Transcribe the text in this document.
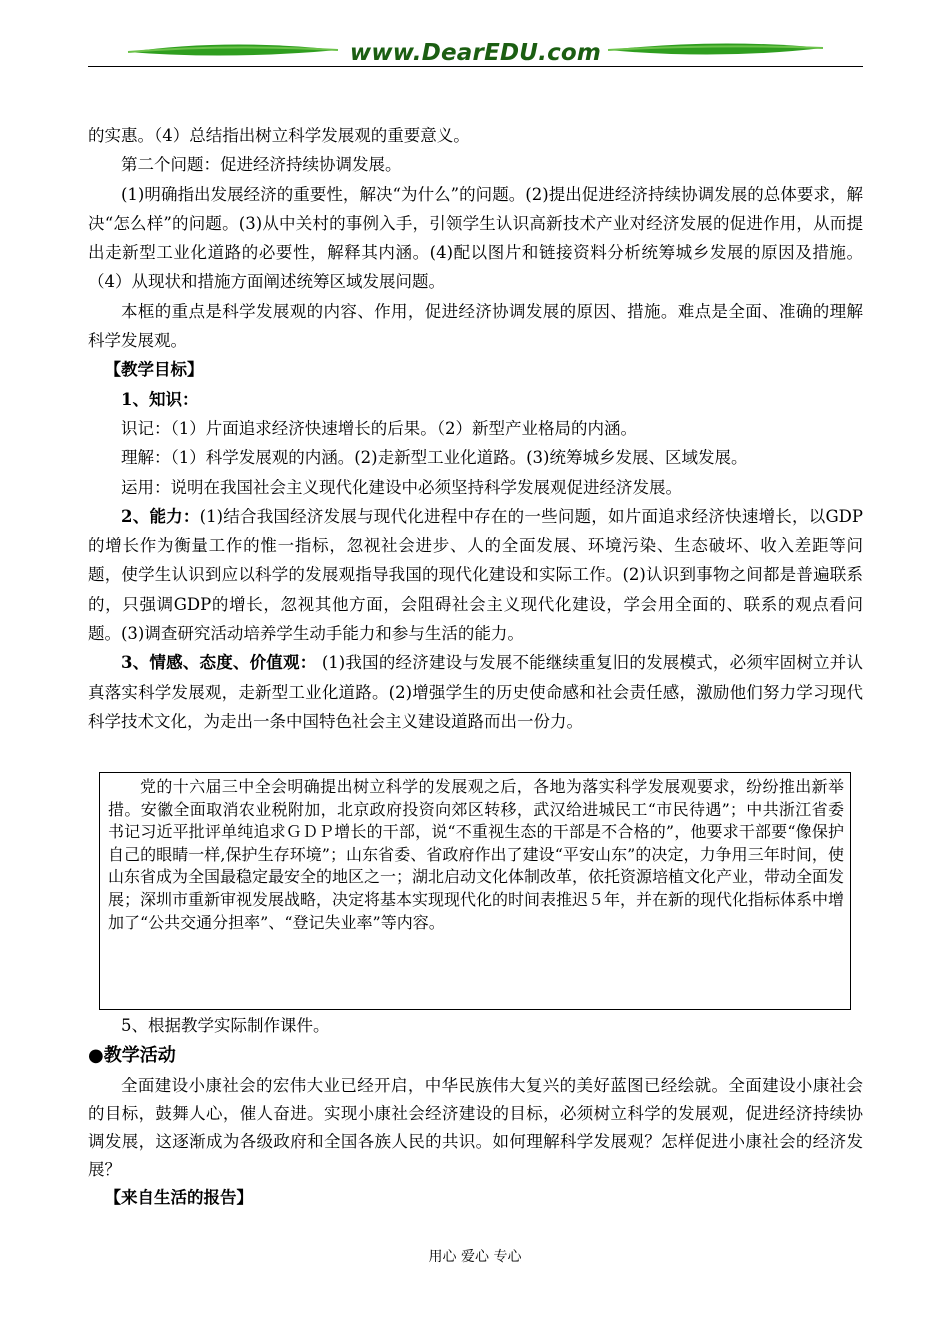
www.DearEDU.com

的实惠。（4）总结指出树立科学发展观的重要意义。

第二个问题：促进经济持续协调发展。

(1)明确指出发展经济的重要性，解决“为什么”的问题。(2)提出促进经济持续协调发展的总体要求，解决“怎么样”的问题。(3)从中关村的事例入手，引领学生认识高新技术产业对经济发展的促进作用，从而提出走新型工业化道路的必要性，解释其内涵。(4)配以图片和链接资料分析统筹城乡发展的原因及措施。（4）从现状和措施方面阐述统筹区域发展问题。

本框的重点是科学发展观的内容、作用，促进经济协调发展的原因、措施。难点是全面、准确的理解科学发展观。

【教学目标】

1、知识：

识记：（1）片面追求经济快速增长的后果。（2）新型产业格局的内涵。

理解：（1）科学发展观的内涵。(2)走新型工业化道路。(3)统筹城乡发展、区域发展。

运用：说明在我国社会主义现代化建设中必须坚持科学发展观促进经济发展。

2、能力：(1)结合我国经济发展与现代化进程中存在的一些问题，如片面追求经济快速增长，以GDP的增长作为衡量工作的惟一指标，忽视社会进步、人的全面发展、环境污染、生态破坏、收入差距等问题，使学生认识到应以科学的发展观指导我国的现代化建设和实际工作。(2)认识到事物之间都是普遍联系的，只强调GDP的增长，忽视其他方面，会阻碍社会主义现代化建设，学会用全面的、联系的观点看问题。(3)调查研究活动培养学生动手能力和参与生活的能力。

3、情感、态度、价值观： (1)我国的经济建设与发展不能继续重复旧的发展模式，必须牢固树立并认真落实科学发展观，走新型工业化道路。(2)增强学生的历史使命感和社会责任感，激励他们努力学习现代科学技术文化，为走出一条中国特色社会主义建设道路而出一份力。

党的十六届三中全会明确提出树立科学的发展观之后，各地为落实科学发展观要求，纷纷推出新举措。安徽全面取消农业税附加，北京政府投资向郊区转移，武汉给进城民工“市民待遇”；中共浙江省委书记习近平批评单纯追求ＧＤＰ增长的干部，说“不重视生态的干部是不合格的”，他要求干部要“像保护自己的眼睛一样,保护生存环境”；山东省委、省政府作出了建设“平安山东”的决定，力争用三年时间，使山东省成为全国最稳定最安全的地区之一；湖北启动文化体制改革，依托资源培植文化产业，带动全面发展；深圳市重新审视发展战略，决定将基本实现现代化的时间表推迟５年，并在新的现代化指标体系中增加了“公共交通分担率”、“登记失业率”等内容。

5、根据教学实际制作课件。

●教学活动

全面建设小康社会的宏伟大业已经开启，中华民族伟大复兴的美好蓝图已经绘就。全面建设小康社会的目标，鼓舞人心，催人奋进。实现小康社会经济建设的目标，必须树立科学的发展观，促进经济持续协调发展，这逐渐成为各级政府和全国各族人民的共识。如何理解科学发展观？怎样促进小康社会的经济发展？

【来自生活的报告】

用心 爱心 专心
